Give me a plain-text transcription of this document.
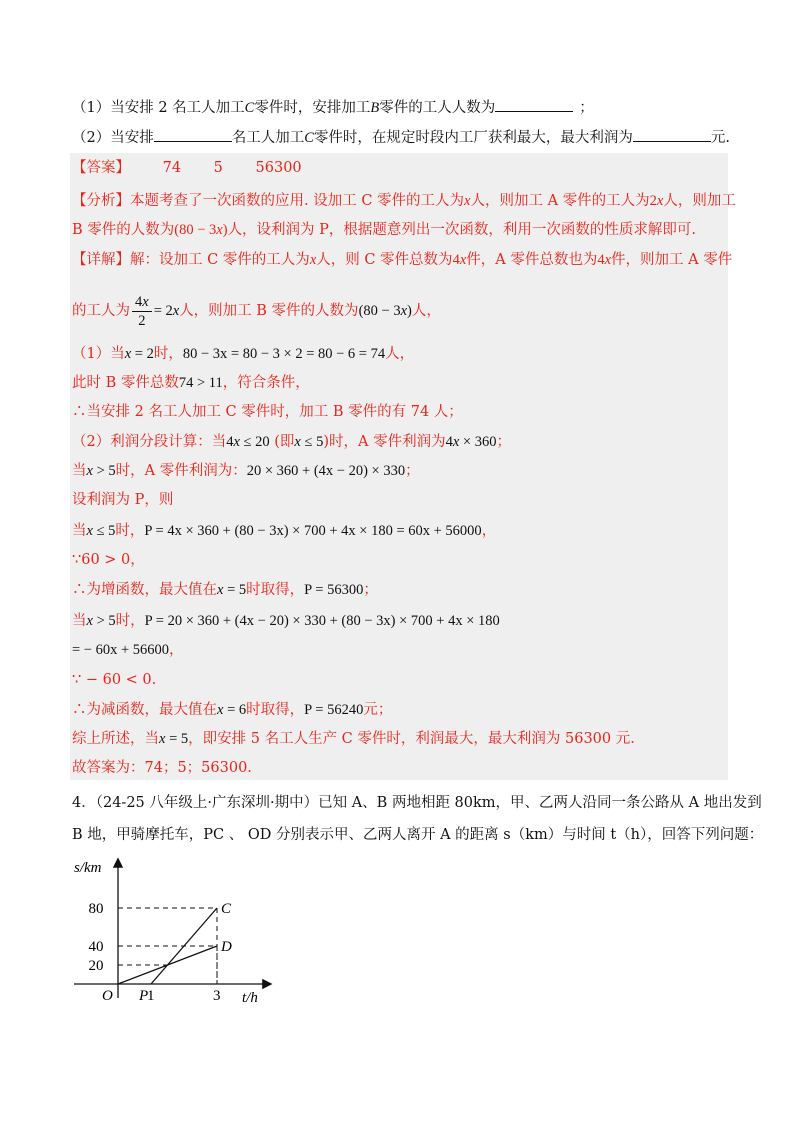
（1）当安排 2 名工人加工C零件时，安排加工B零件的工人人数为	；
（2）当安排	名工人加工C零件时，在规定时段内工厂获利最大，最大利润为	元.
【答案】 74 5 56300
【分析】本题考查了一次函数的应用. 设加工 C 零件的工人为x人，则加工 A 零件的工人为2x人，则加工
B 零件的人数为(80 − 3x)人，设利润为 P，根据题意列出一次函数，利用一次函数的性质求解即可.
【详解】解：设加工 C 零件的工人为x人，则 C 零件总数为4x件，A 零件总数也为4x件，则加工 A 零件
的工人为 $\frac{4x}{2} = 2x$人，则加工 B 零件的人数为(80 − 3x)人，
（1）当x = 2时，80 − 3x = 80 − 3 × 2 = 80 − 6 = 74人，
此时 B 零件总数74 > 11，符合条件，
∴当安排 2 名工人加工 C 零件时，加工 B 零件的有 74 人；
（2）利润分段计算：当4x ≤ 20 (即x ≤ 5)时，A 零件利润为4x × 360；
当x > 5时，A 零件利润为：20 × 360 + (4x − 20) × 330；
设利润为 P，则
当x ≤ 5时，P = 4x × 360 + (80 − 3x) × 700 + 4x × 180 = 60x + 56000，
∵60 > 0，
∴为增函数，最大值在x = 5时取得，P = 56300；
当x > 5时，P = 20 × 360 + (4x − 20) × 330 + (80 − 3x) × 700 + 4x × 180
= − 60x + 56600，
∵ − 60 < 0.
∴为减函数，最大值在x = 6时取得，P = 56240元；
综上所述，当x = 5，即安排 5 名工人生产 C 零件时，利润最大，最大利润为 56300 元.
故答案为：74；5；56300.
4．（24-25 八年级上·广东深圳·期中）已知 A、B 两地相距 80km，甲、乙两人沿同一条公路从 A 地出发到
B 地，甲骑摩托车，PC 、 OD 分别表示甲、乙两人离开 A 的距离 s（km）与时间 t（h），回答下列问题：
s/km
t/h
O
20
40
80
1	3
C
P
D
